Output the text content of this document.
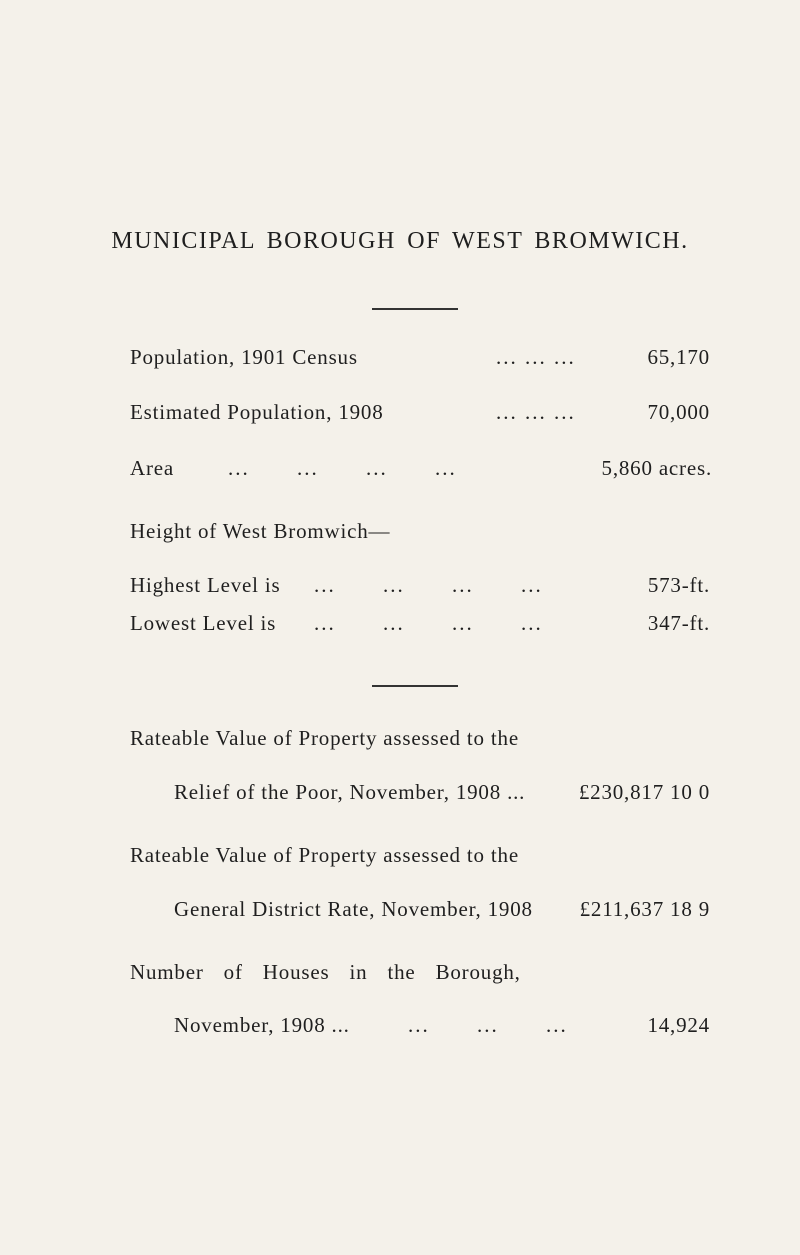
MUNICIPAL BOROUGH OF WEST BROMWICH.
Population, 1901 Census	... ... ...	65,170
Estimated Population, 1908	... ... ...	70,000
Area	... ... ... ...	5,860 acres.
Height of West Bromwich—
Highest Level is ... ... ... ...	573-ft.
Lowest Level is ... ... ... ...	347-ft.
Rateable Value of Property assessed to the
Relief of the Poor, November, 1908 ...	£230,817 10 0
Rateable Value of Property assessed to the
General District Rate, November, 1908 £211,637 18 9
Number of Houses in the Borough,
November, 1908 ...	... ... ...	14,924
